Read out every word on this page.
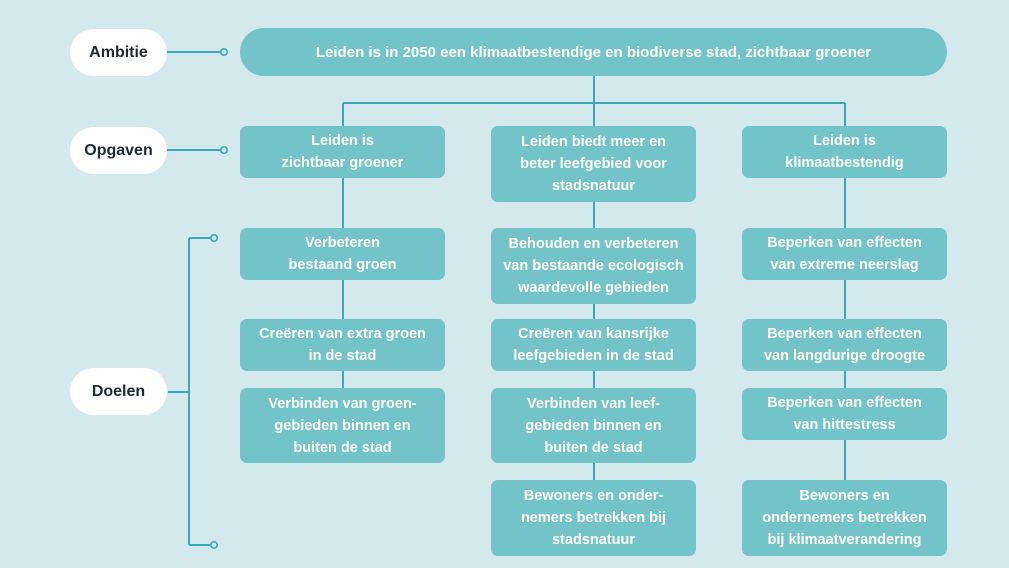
Ambitie
Opgaven
Doelen
Leiden is in 2050 een klimaatbestendige en biodiverse stad, zichtbaar groener
Leiden is
zichtbaar groener
Verbeteren
bestaand groen
Creëren van extra groen
in de stad
Verbinden van groen-
gebieden binnen en
buiten de stad
Leiden biedt meer en
beter leefgebied voor
stadsnatuur
Behouden en verbeteren
van bestaande ecologisch
waardevolle gebieden
Creëren van kansrijke
leefgebieden in de stad
Verbinden van leef-
gebieden binnen en
buiten de stad
Bewoners en onder-
nemers betrekken bij
stadsnatuur
Leiden is
klimaatbestendig
Beperken van effecten
van extreme neerslag
Beperken van effecten
van langdurige droogte
Beperken van effecten
van hittestress
Bewoners en
ondernemers betrekken
bij klimaatverandering
